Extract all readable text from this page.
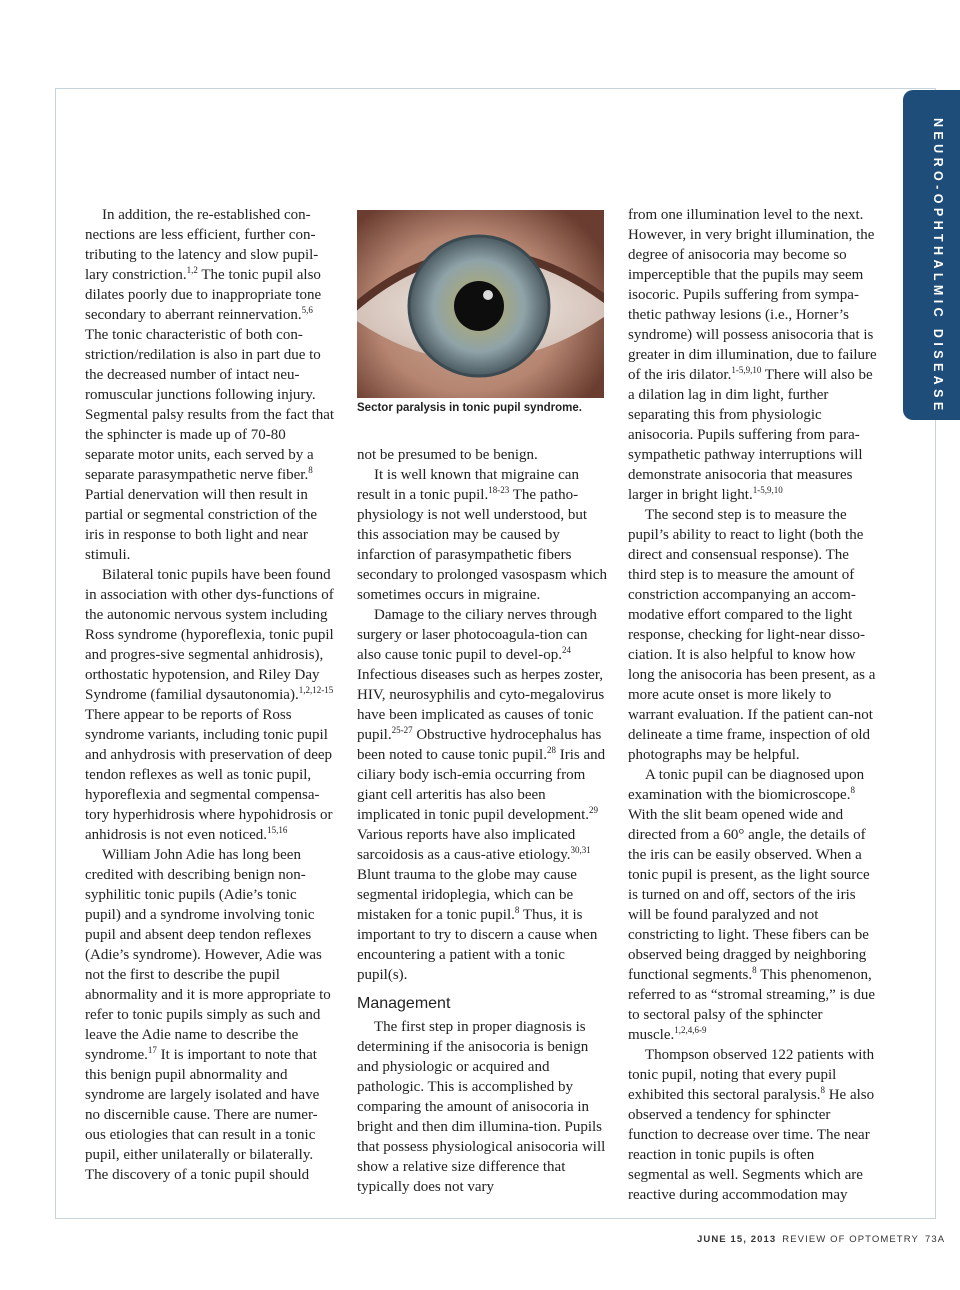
NEURO-OPHTHALMIC DISEASE

In addition, the re-established con-nections are less efficient, further con-tributing to the latency and slow pupil-lary constriction.$^{1,2}$ The tonic pupil also dilates poorly due to inappropriate tone secondary to aberrant reinnervation.$^{5,6}$ The tonic characteristic of both con-striction/redilation is also in part due to the decreased number of intact neu-romuscular junctions following injury. Segmental palsy results from the fact that the sphincter is made up of 70-80 separate motor units, each served by a separate parasympathetic nerve fiber.$^8$ Partial denervation will then result in partial or segmental constriction of the iris in response to both light and near stimuli.

Bilateral tonic pupils have been found in association with other dys-functions of the autonomic nervous system including Ross syndrome (hyporeflexia, tonic pupil and progres-sive segmental anhidrosis), orthostatic hypotension, and Riley Day Syndrome (familial dysautonomia).$^{1,2,12-15}$ There appear to be reports of Ross syndrome variants, including tonic pupil and anhydrosis with preservation of deep tendon reflexes as well as tonic pupil, hyporeflexia and segmental compensa-tory hyperhidrosis where hypohidrosis or anhidrosis is not even noticed.$^{15,16}$

William John Adie has long been credited with describing benign non-syphilitic tonic pupils (Adie’s tonic pupil) and a syndrome involving tonic pupil and absent deep tendon reflexes (Adie’s syndrome). However, Adie was not the first to describe the pupil abnormality and it is more appropriate to refer to tonic pupils simply as such and leave the Adie name to describe the syndrome.$^{17}$ It is important to note that this benign pupil abnormality and syndrome are largely isolated and have no discernible cause. There are numer-ous etiologies that can result in a tonic pupil, either unilaterally or bilaterally. The discovery of a tonic pupil should

Sector paralysis in tonic pupil syndrome.

not be presumed to be benign.

It is well known that migraine can result in a tonic pupil.$^{18-23}$ The patho-physiology is not well understood, but this association may be caused by infarction of parasympathetic fibers secondary to prolonged vasospasm which sometimes occurs in migraine.

Damage to the ciliary nerves through surgery or laser photocoagula-tion can also cause tonic pupil to devel-op.$^{24}$ Infectious diseases such as herpes zoster, HIV, neurosyphilis and cyto-megalovirus have been implicated as causes of tonic pupil.$^{25-27}$ Obstructive hydrocephalus has been noted to cause tonic pupil.$^{28}$ Iris and ciliary body isch-emia occurring from giant cell arteritis has also been implicated in tonic pupil development.$^{29}$ Various reports have also implicated sarcoidosis as a caus-ative etiology.$^{30,31}$ Blunt trauma to the globe may cause segmental iridoplegia, which can be mistaken for a tonic pupil.$^8$ Thus, it is important to try to discern a cause when encountering a patient with a tonic pupil(s).

Management

The first step in proper diagnosis is determining if the anisocoria is benign and physiologic or acquired and pathologic. This is accomplished by comparing the amount of anisocoria in bright and then dim illumina-tion. Pupils that possess physiological anisocoria will show a relative size difference that typically does not vary

from one illumination level to the next. However, in very bright illumination, the degree of anisocoria may become so imperceptible that the pupils may seem isocoric. Pupils suffering from sympa-thetic pathway lesions (i.e., Horner’s syndrome) will possess anisocoria that is greater in dim illumination, due to failure of the iris dilator.$^{1-5,9,10}$ There will also be a dilation lag in dim light, further separating this from physiologic anisocoria. Pupils suffering from para-sympathetic pathway interruptions will demonstrate anisocoria that measures larger in bright light.$^{1-5,9,10}$

The second step is to measure the pupil’s ability to react to light (both the direct and consensual response). The third step is to measure the amount of constriction accompanying an accom-modative effort compared to the light response, checking for light-near disso-ciation. It is also helpful to know how long the anisocoria has been present, as a more acute onset is more likely to warrant evaluation. If the patient can-not delineate a time frame, inspection of old photographs may be helpful.

A tonic pupil can be diagnosed upon examination with the biomicroscope.$^8$ With the slit beam opened wide and directed from a 60° angle, the details of the iris can be easily observed. When a tonic pupil is present, as the light source is turned on and off, sectors of the iris will be found paralyzed and not constricting to light. These fibers can be observed being dragged by neighboring functional segments.$^8$ This phenomenon, referred to as “stromal streaming,” is due to sectoral palsy of the sphincter muscle.$^{1,2,4,6-9}$

Thompson observed 122 patients with tonic pupil, noting that every pupil exhibited this sectoral paralysis.$^8$ He also observed a tendency for sphincter function to decrease over time. The near reaction in tonic pupils is often segmental as well. Segments which are reactive during accommodation may

JUNE 15, 2013 REVIEW OF OPTOMETRY 73A
